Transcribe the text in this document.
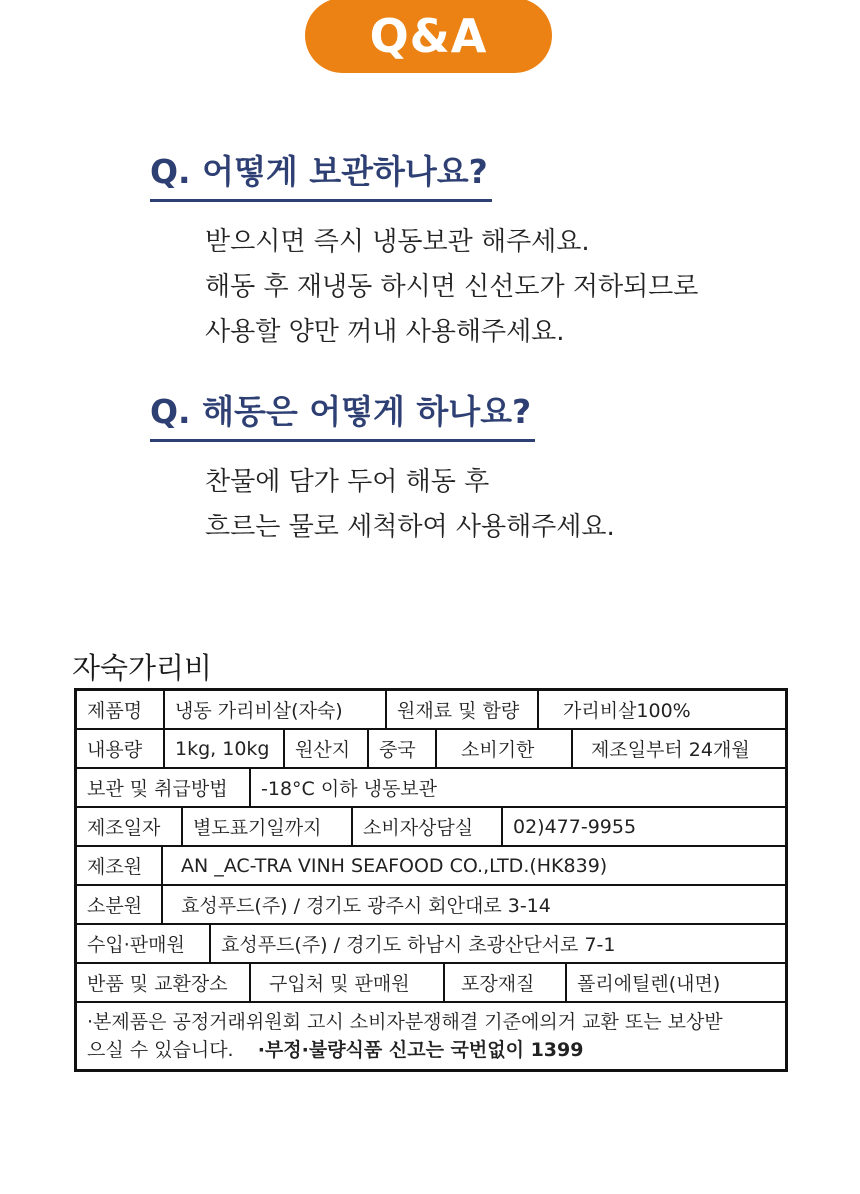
Q&A
Q. 어떻게 보관하나요?
받으시면 즉시 냉동보관 해주세요.
해동 후 재냉동 하시면 신선도가 저하되므로
사용할 양만 꺼내 사용해주세요.
Q. 해동은 어떻게 하나요?
찬물에 담가 두어 해동 후
흐르는 물로 세척하여 사용해주세요.
자숙가리비
제품명	냉동 가리비살(자숙)	원재료 및 함량	가리비살100%
내용량	1kg, 10kg	원산지	중국	소비기한	제조일부터 24개월
보관 및 취급방법	-18°C 이하 냉동보관
제조일자	별도표기일까지	소비자상담실	02)477-9955
제조원	AN _AC-TRA VINH SEAFOOD CO.,LTD.(HK839)
소분원	효성푸드(주) / 경기도 광주시 회안대로 3-14
수입·판매원	효성푸드(주) / 경기도 하남시 초광산단서로 7-1
반품 및 교환장소	구입처 및 판매원	포장재질	폴리에틸렌(내면)
·본제품은 공정거래위원회 고시 소비자분쟁해결 기준에의거 교환 또는 보상받
으실 수 있습니다. ·부정·불량식품 신고는 국번없이 1399
